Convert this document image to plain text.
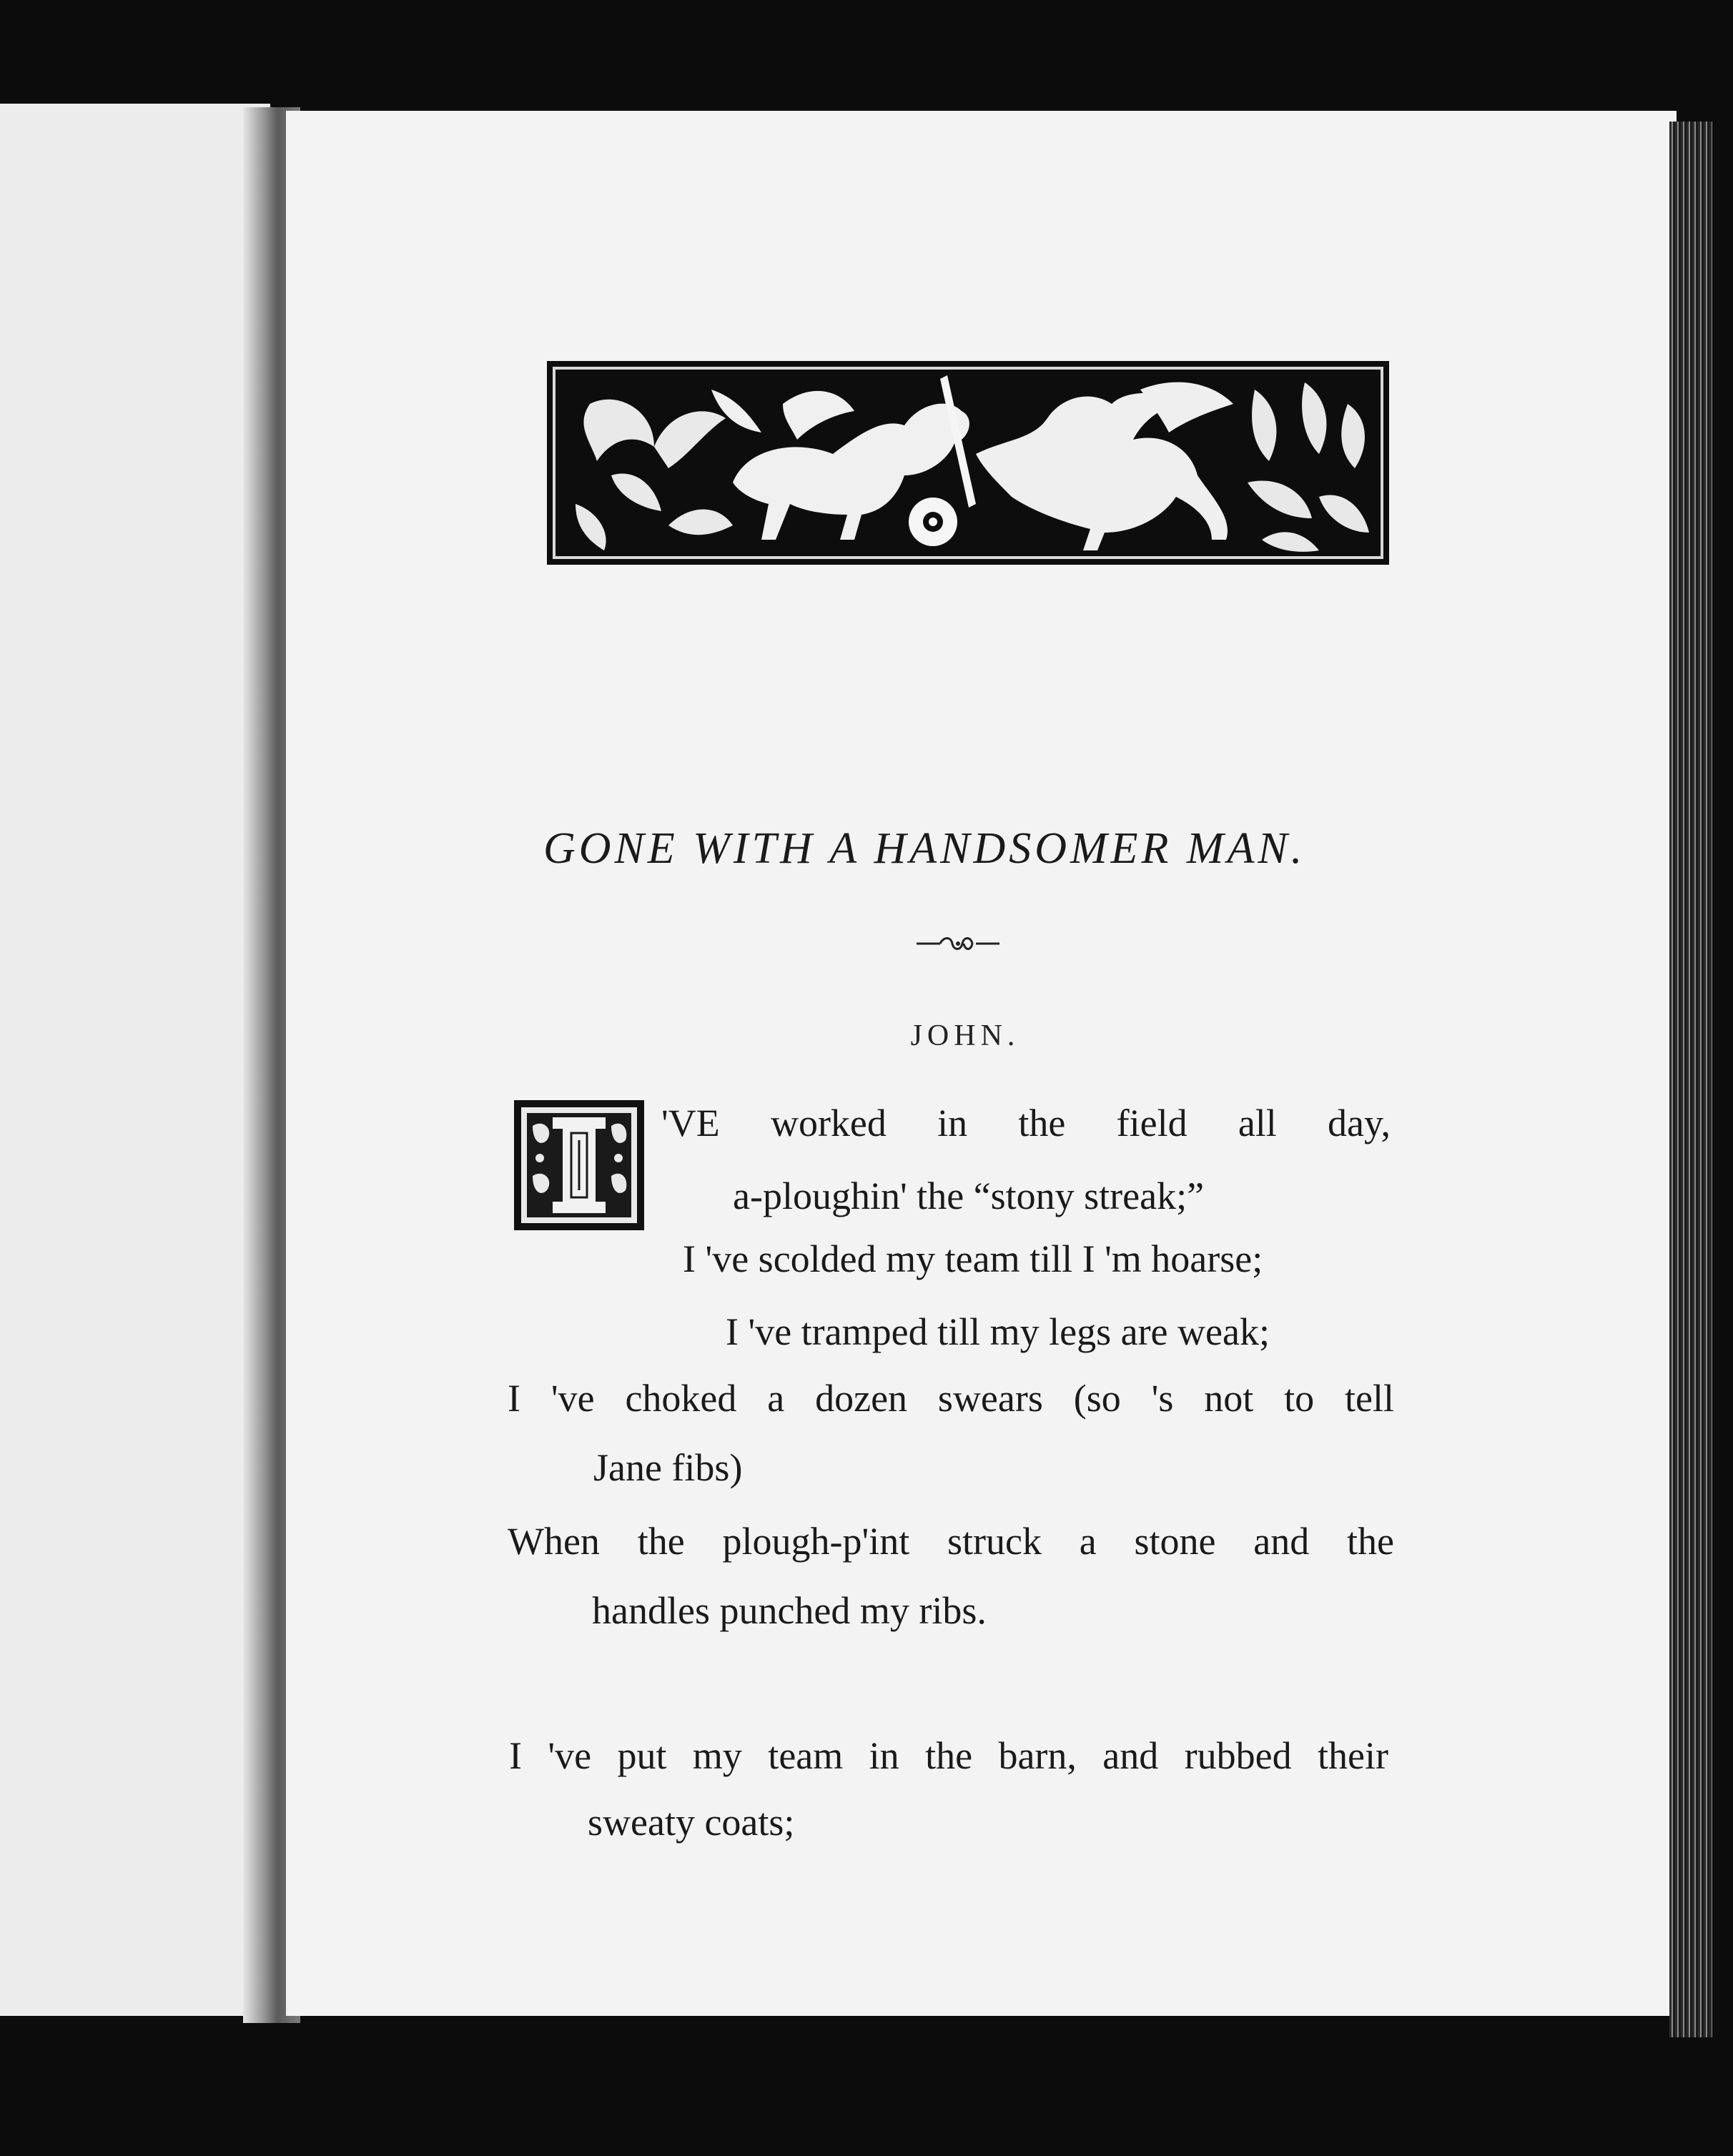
GONE WITH A HANDSOMER MAN.
JOHN.
'VE worked in the field all day,
a-ploughin' the “stony streak;”
I 've scolded my team till I 'm hoarse;
I 've tramped till my legs are weak;
I 've choked a dozen swears (so 's not to tell
Jane fibs)
When the plough-p'int struck a stone and the
handles punched my ribs.
I 've put my team in the barn, and rubbed their
sweaty coats;
